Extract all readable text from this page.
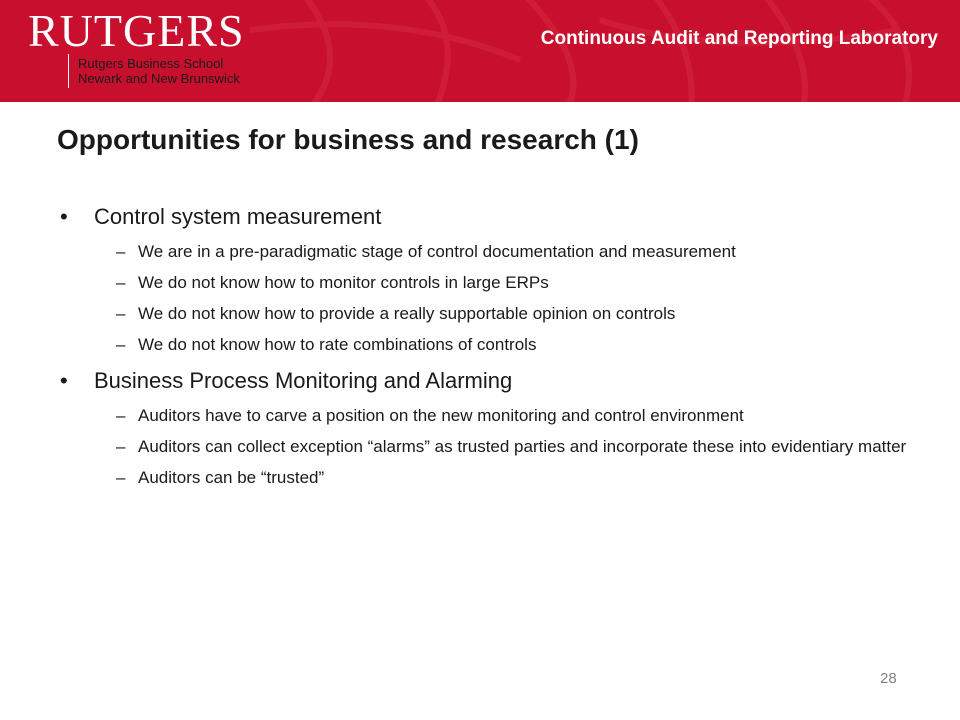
RUTGERS
Rutgers Business School
Newark and New Brunswick
Continuous Audit and Reporting Laboratory
Opportunities for business and research (1)
• Control system measurement
– We are in a pre-paradigmatic stage of control documentation and measurement
– We do not know how to monitor controls in large ERPs
– We do not know how to provide a really supportable opinion on controls
– We do not know how to rate combinations of controls
• Business Process Monitoring and Alarming
– Auditors have to carve a position on the new monitoring and control environment
– Auditors can collect exception “alarms” as trusted parties and incorporate these into evidentiary matter
– Auditors can be “trusted”
28
